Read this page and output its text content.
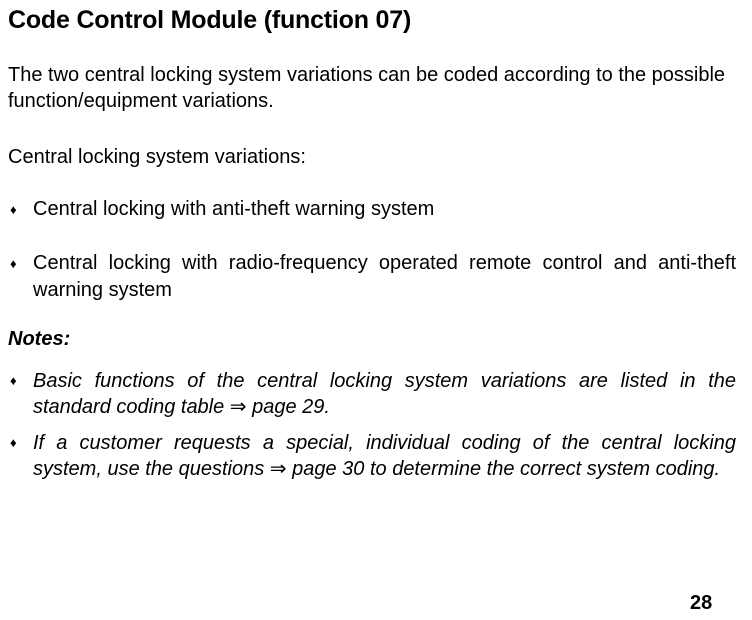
Code Control Module (function 07)

The two central locking system variations can be coded according to the possible function/equipment variations.

Central locking system variations:

♦ Central locking with anti-theft warning system
♦ Central locking with radio-frequency operated remote control and anti-theft warning system

Notes:

♦ Basic functions of the central locking system variations are listed in the standard coding table ⇒ page 29.
♦ If a customer requests a special, individual coding of the central locking system, use the questions ⇒ page 30 to determine the correct system coding.
28
